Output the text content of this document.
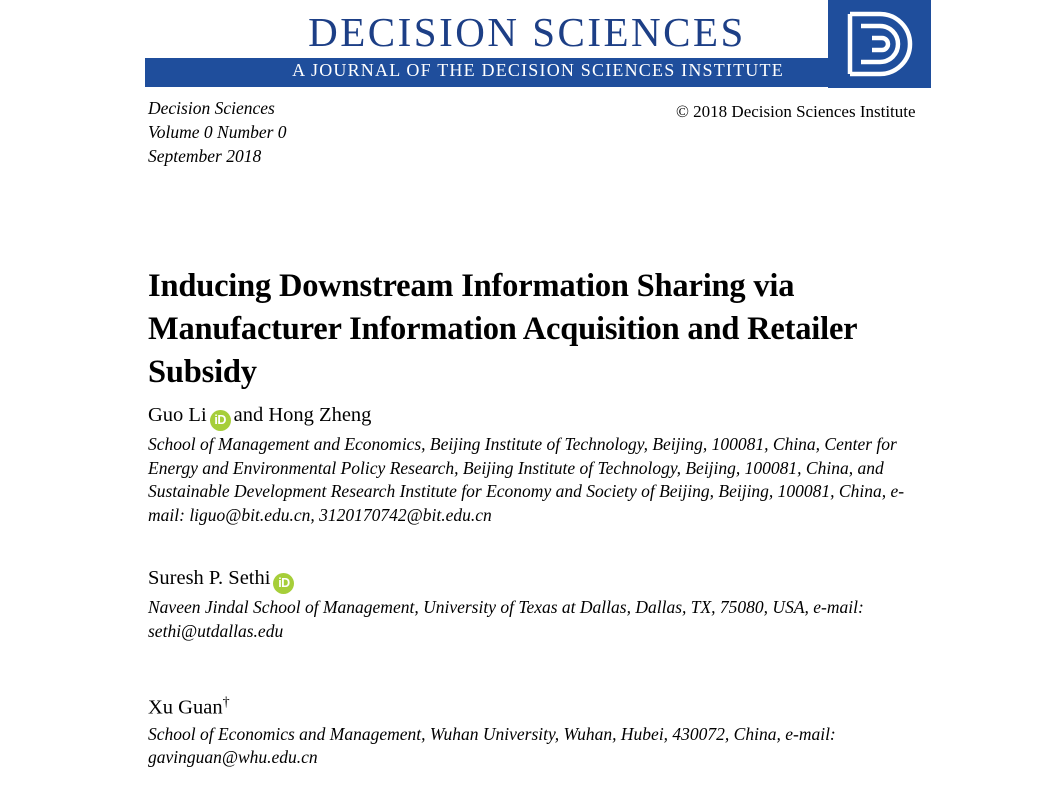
DECISION SCIENCES
A JOURNAL OF THE DECISION SCIENCES INSTITUTE
Decision Sciences
Volume 0 Number 0
September 2018
© 2018 Decision Sciences Institute
Inducing Downstream Information Sharing via Manufacturer Information Acquisition and Retailer Subsidy
Guo Li iD and Hong Zheng
School of Management and Economics, Beijing Institute of Technology, Beijing, 100081, China, Center for Energy and Environmental Policy Research, Beijing Institute of Technology, Beijing, 100081, China, and Sustainable Development Research Institute for Economy and Society of Beijing, Beijing, 100081, China, e-mail: liguo@bit.edu.cn, 3120170742@bit.edu.cn
Suresh P. Sethi iD
Naveen Jindal School of Management, University of Texas at Dallas, Dallas, TX, 75080, USA, e-mail: sethi@utdallas.edu
Xu Guan†
School of Economics and Management, Wuhan University, Wuhan, Hubei, 430072, China, e-mail: gavinguan@whu.edu.cn
